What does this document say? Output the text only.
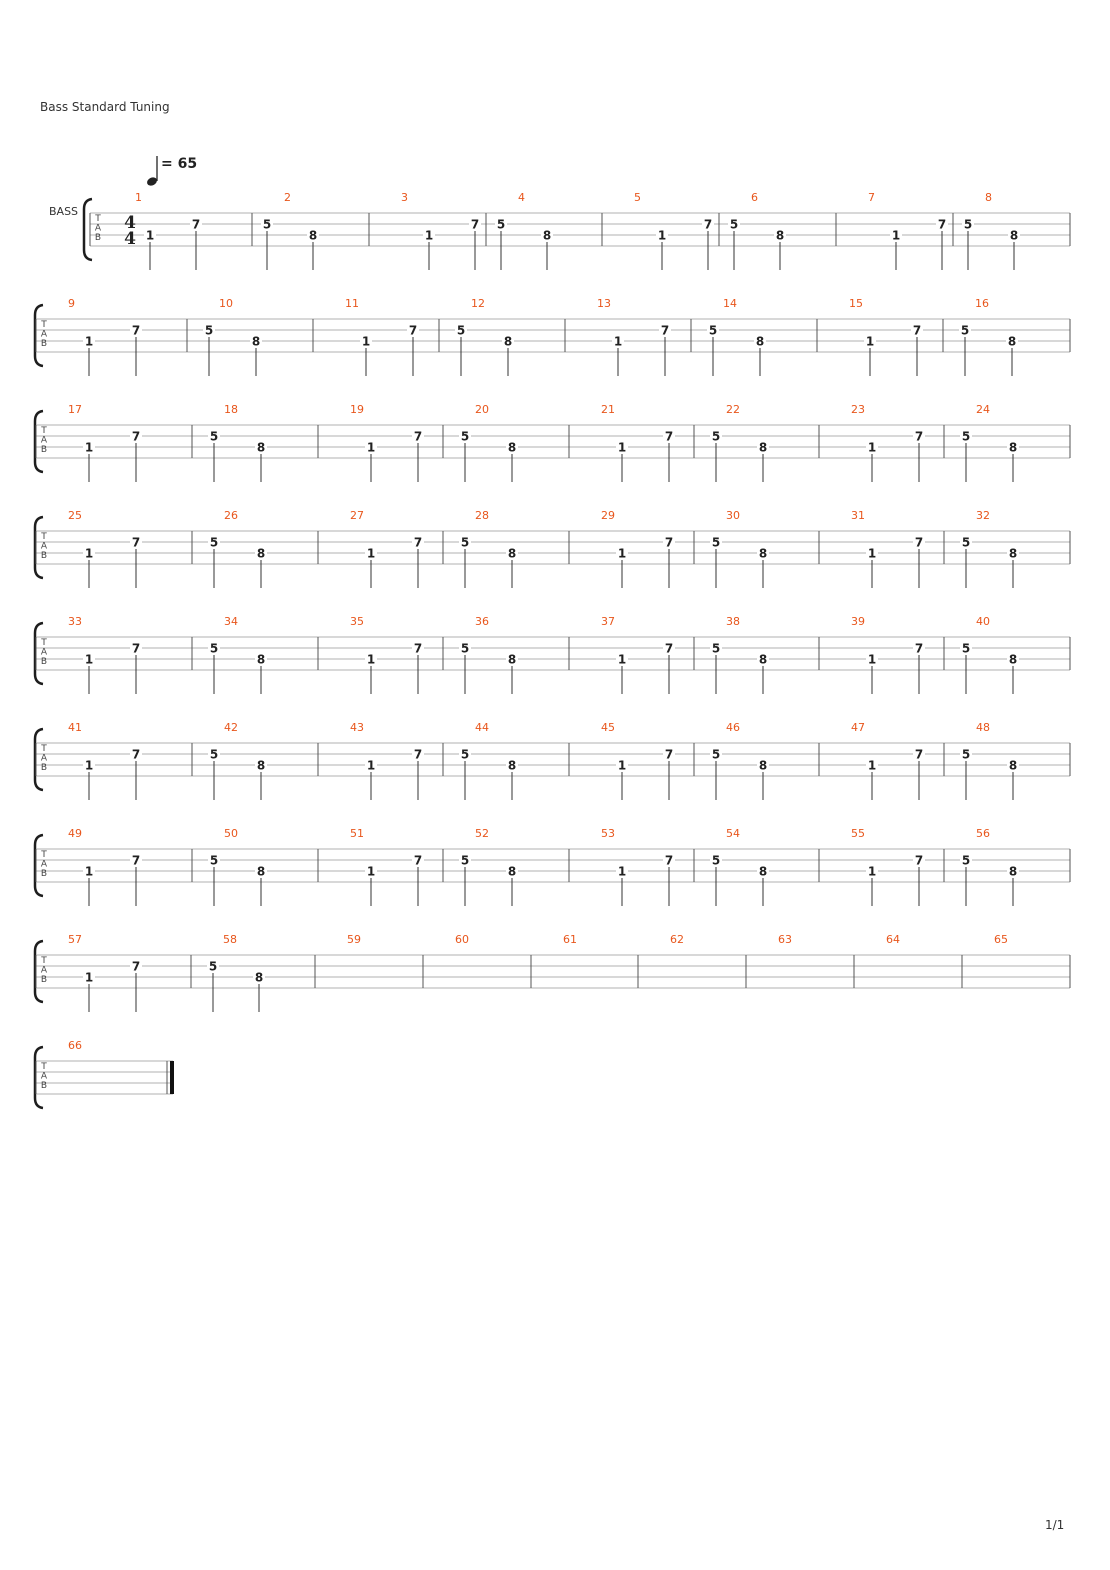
Bass Standard Tuning
= 65
BASS
T
A
B
4
4
1
1
7
2
5
8
3
1
7
4
5
8
5
1
7
6
5
8
7
1
7
8
5
8
T
A
B
9
1
7
10
5
8
11
1
7
12
5
8
13
1
7
14
5
8
15
1
7
16
5
8
T
A
B
17
1
7
18
5
8
19
1
7
20
5
8
21
1
7
22
5
8
23
1
7
24
5
8
T
A
B
25
1
7
26
5
8
27
1
7
28
5
8
29
1
7
30
5
8
31
1
7
32
5
8
T
A
B
33
1
7
34
5
8
35
1
7
36
5
8
37
1
7
38
5
8
39
1
7
40
5
8
T
A
B
41
1
7
42
5
8
43
1
7
44
5
8
45
1
7
46
5
8
47
1
7
48
5
8
T
A
B
49
1
7
50
5
8
51
1
7
52
5
8
53
1
7
54
5
8
55
1
7
56
5
8
T
A
B
57
1
7
58
5
8
59	60	61	62	63	64	65
T
A
B
66
1/1
